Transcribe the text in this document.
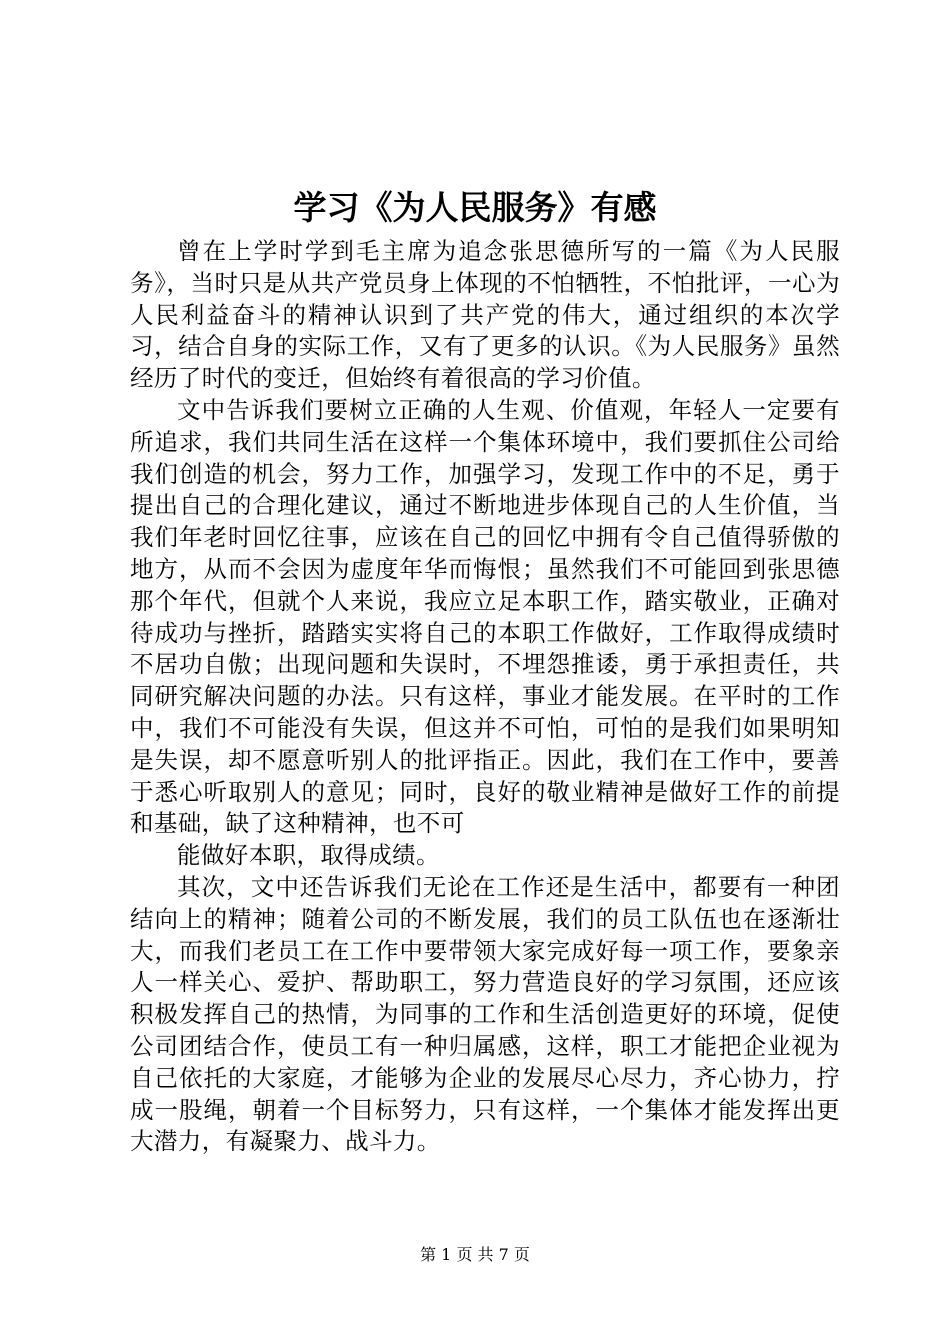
学习《为人民服务》有感

曾在上学时学到毛主席为追念张思德所写的一篇《为人民服务》，当时只是从共产党员身上体现的不怕牺牲，不怕批评，一心为人民利益奋斗的精神认识到了共产党的伟大，通过组织的本次学习，结合自身的实际工作，又有了更多的认识。《为人民服务》虽然经历了时代的变迁，但始终有着很高的学习价值。

文中告诉我们要树立正确的人生观、价值观，年轻人一定要有所追求，我们共同生活在这样一个集体环境中，我们要抓住公司给我们创造的机会，努力工作，加强学习，发现工作中的不足，勇于提出自己的合理化建议，通过不断地进步体现自己的人生价值，当我们年老时回忆往事，应该在自己的回忆中拥有令自己值得骄傲的地方，从而不会因为虚度年华而悔恨；虽然我们不可能回到张思德那个年代，但就个人来说，我应立足本职工作，踏实敬业，正确对待成功与挫折，踏踏实实将自己的本职工作做好，工作取得成绩时不居功自傲；出现问题和失误时，不埋怨推诿，勇于承担责任，共同研究解决问题的办法。只有这样，事业才能发展。在平时的工作中，我们不可能没有失误，但这并不可怕，可怕的是我们如果明知是失误，却不愿意听别人的批评指正。因此，我们在工作中，要善于悉心听取别人的意见；同时，良好的敬业精神是做好工作的前提和基础，缺了这种精神，也不可

能做好本职，取得成绩。

其次，文中还告诉我们无论在工作还是生活中，都要有一种团结向上的精神；随着公司的不断发展，我们的员工队伍也在逐渐壮大，而我们老员工在工作中要带领大家完成好每一项工作，要象亲人一样关心、爱护、帮助职工，努力营造良好的学习氛围，还应该积极发挥自己的热情，为同事的工作和生活创造更好的环境，促使公司团结合作，使员工有一种归属感，这样，职工才能把企业视为自己依托的大家庭，才能够为企业的发展尽心尽力，齐心协力，拧成一股绳，朝着一个目标努力，只有这样，一个集体才能发挥出更大潜力，有凝聚力、战斗力。

第 1 页 共 7 页
